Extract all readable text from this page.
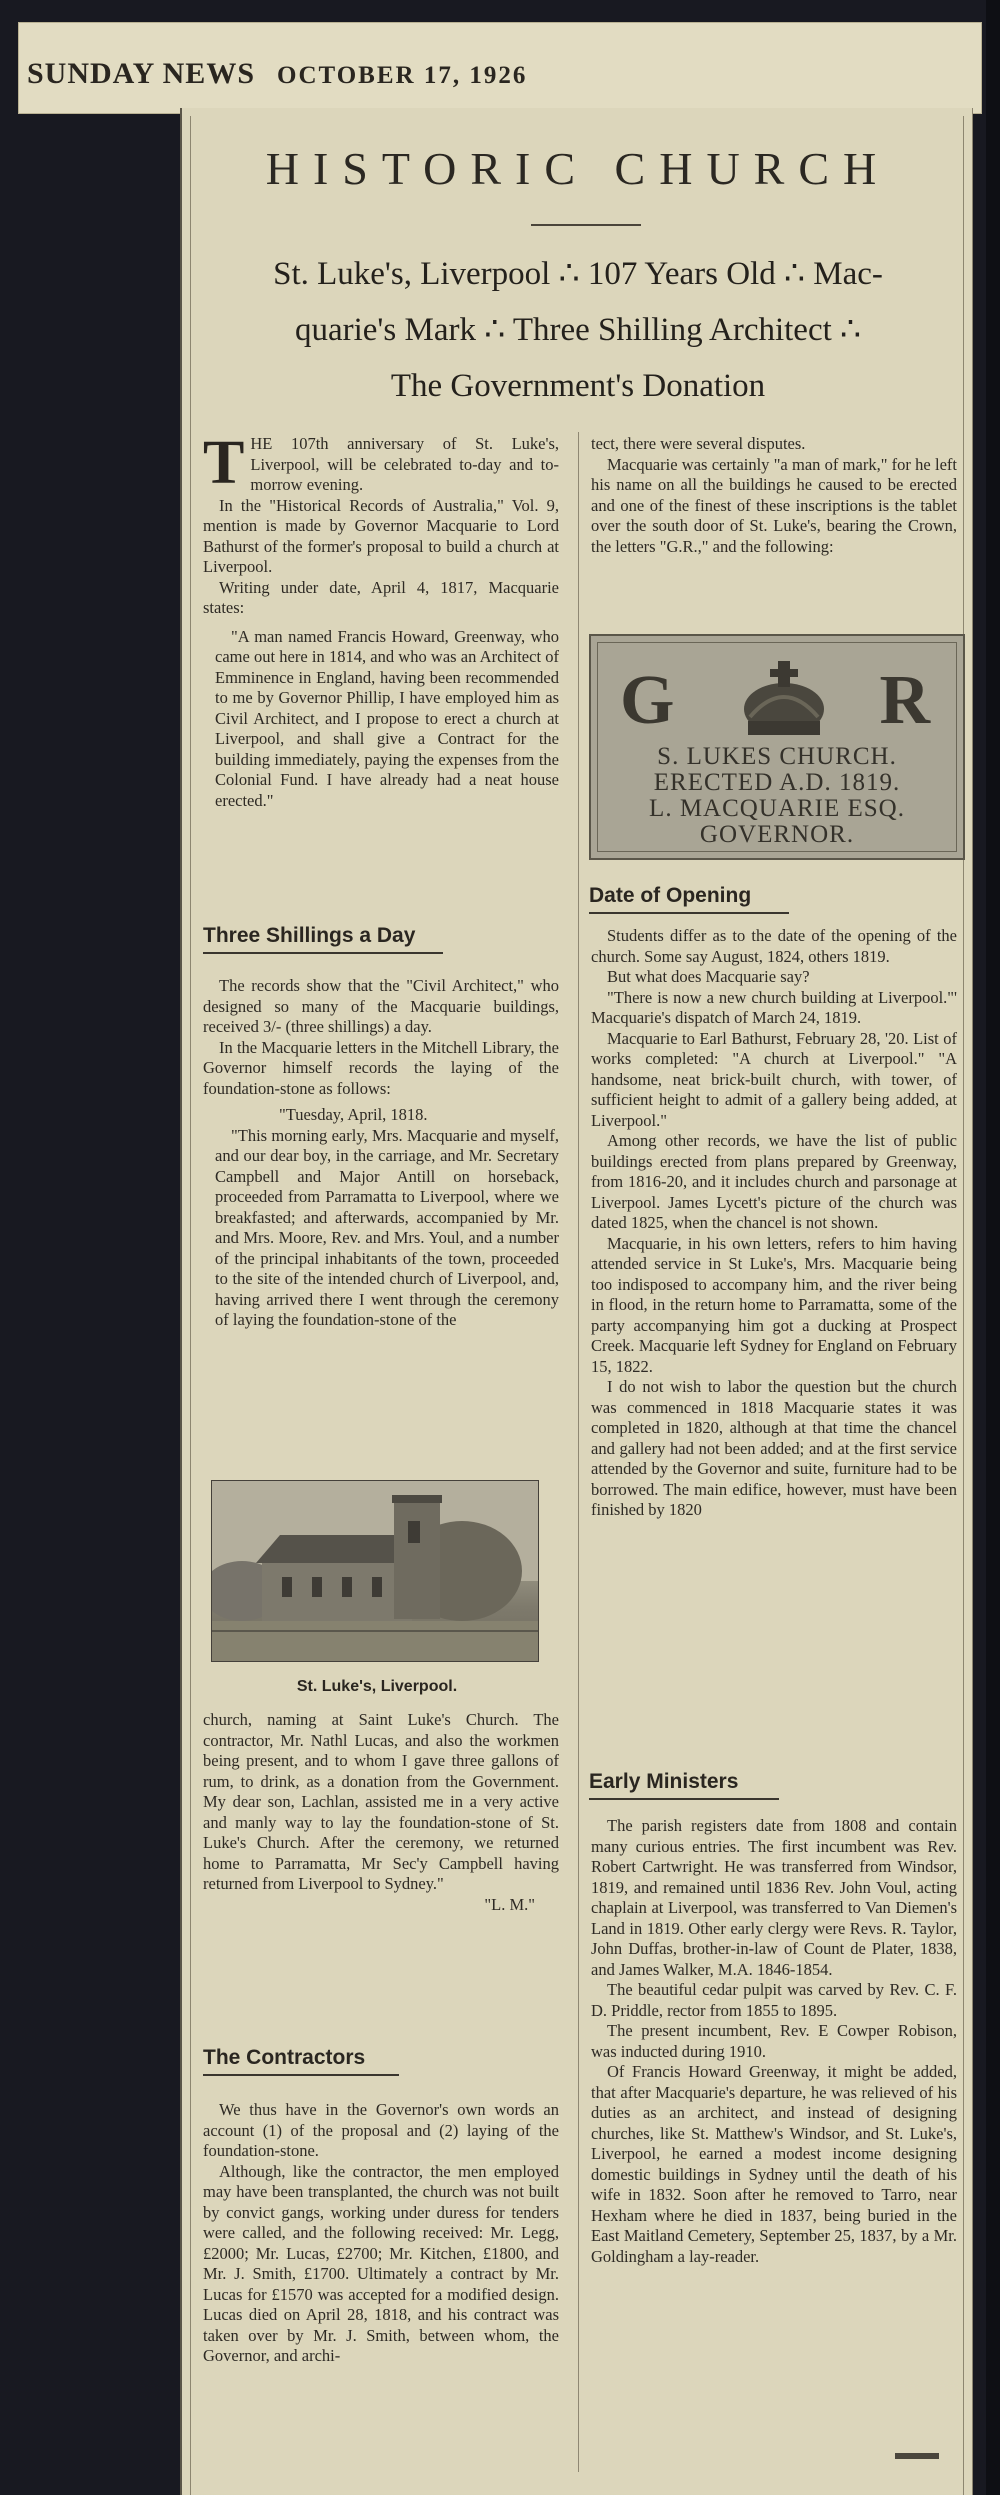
SUNDAY NEWS OCTOBER 17, 1926
HISTORIC CHURCH
St. Luke's, Liverpool ∴ 107 Years Old ∴ Mac-
quarie's Mark ∴ Three Shilling Architect ∴
The Government's Donation

THE 107th anniversary of St. Luke's, Liverpool, will be celebrated to-day and to-morrow evening.

In the "Historical Records of Australia," Vol. 9, mention is made by Governor Macquarie to Lord Bathurst of the former's proposal to build a church at Liverpool.

Writing under date, April 4, 1817, Macquarie states:

"A man named Francis Howard, Greenway, who came out here in 1814, and who was an Architect of Emminence in England, having been recommended to me by Governor Phillip, I have employed him as Civil Architect, and I propose to erect a church at Liverpool, and shall give a Contract for the building immediately, paying the expenses from the Colonial Fund. I have already had a neat house erected."

Three Shillings a Day

The records show that the "Civil Architect," who designed so many of the Macquarie buildings, received 3/- (three shillings) a day.

In the Macquarie letters in the Mitchell Library, the Governor himself records the laying of the foundation-stone as follows:

"Tuesday, April, 1818.

"This morning early, Mrs. Macquarie and myself, and our dear boy, in the carriage, and Mr. Secretary Campbell and Major Antill on horseback, proceeded from Parramatta to Liverpool, where we breakfasted; and afterwards, accompanied by Mr. and Mrs. Moore, Rev. and Mrs. Youl, and a number of the principal inhabitants of the town, proceeded to the site of the intended church of Liverpool, and, having arrived there I went through the ceremony of laying the foundation-stone of the

St. Luke's, Liverpool.

church, naming at Saint Luke's Church. The contractor, Mr. Nathl Lucas, and also the workmen being present, and to whom I gave three gallons of rum, to drink, as a donation from the Government. My dear son, Lachlan, assisted me in a very active and manly way to lay the foundation-stone of St. Luke's Church. After the ceremony, we returned home to Parramatta, Mr Sec'y Campbell having returned from Liverpool to Sydney."

"L. M."

The Contractors

We thus have in the Governor's own words an account (1) of the proposal and (2) laying of the foundation-stone.

Although, like the contractor, the men employed may have been transplanted, the church was not built by convict gangs, working under duress for tenders were called, and the following received: Mr. Legg, £2000; Mr. Lucas, £2700; Mr. Kitchen, £1800, and Mr. J. Smith, £1700. Ultimately a contract by Mr. Lucas for £1570 was accepted for a modified design. Lucas died on April 28, 1818, and his contract was taken over by Mr. J. Smith, between whom, the Governor, and archi-

tect, there were several disputes.

Macquarie was certainly "a man of mark," for he left his name on all the buildings he caused to be erected and one of the finest of these inscriptions is the tablet over the south door of St. Luke's, bearing the Crown, the letters "G.R.," and the following:

G	R
S. LUKES CHURCH.
ERECTED A.D. 1819.
L. MACQUARIE ESQ.
GOVERNOR.
Date of Opening

Students differ as to the date of the opening of the church. Some say August, 1824, others 1819.

But what does Macquarie say?

"There is now a new church building at Liverpool."' Macquarie's dispatch of March 24, 1819.

Macquarie to Earl Bathurst, February 28, '20. List of works completed: "A church at Liverpool." "A handsome, neat brick-built church, with tower, of sufficient height to admit of a gallery being added, at Liverpool."

Among other records, we have the list of public buildings erected from plans prepared by Greenway, from 1816-20, and it includes church and parsonage at Liverpool. James Lycett's picture of the church was dated 1825, when the chancel is not shown.

Macquarie, in his own letters, refers to him having attended service in St Luke's, Mrs. Macquarie being too indisposed to accompany him, and the river being in flood, in the return home to Parramatta, some of the party accompanying him got a ducking at Prospect Creek. Macquarie left Sydney for England on February 15, 1822.

I do not wish to labor the question but the church was commenced in 1818 Macquarie states it was completed in 1820, although at that time the chancel and gallery had not been added; and at the first service attended by the Governor and suite, furniture had to be borrowed. The main edifice, however, must have been finished by 1820

Early Ministers

The parish registers date from 1808 and contain many curious entries. The first incumbent was Rev. Robert Cartwright. He was transferred from Windsor, 1819, and remained until 1836 Rev. John Voul, acting chaplain at Liverpool, was transferred to Van Diemen's Land in 1819. Other early clergy were Revs. R. Taylor, John Duffas, brother-in-law of Count de Plater, 1838, and James Walker, M.A. 1846-1854.

The beautiful cedar pulpit was carved by Rev. C. F. D. Priddle, rector from 1855 to 1895.

The present incumbent, Rev. E Cowper Robison, was inducted during 1910.

Of Francis Howard Greenway, it might be added, that after Macquarie's departure, he was relieved of his duties as an architect, and instead of designing churches, like St. Matthew's Windsor, and St. Luke's, Liverpool, he earned a modest income designing domestic buildings in Sydney until the death of his wife in 1832. Soon after he removed to Tarro, near Hexham where he died in 1837, being buried in the East Maitland Cemetery, September 25, 1837, by a Mr. Goldingham a lay-reader.
